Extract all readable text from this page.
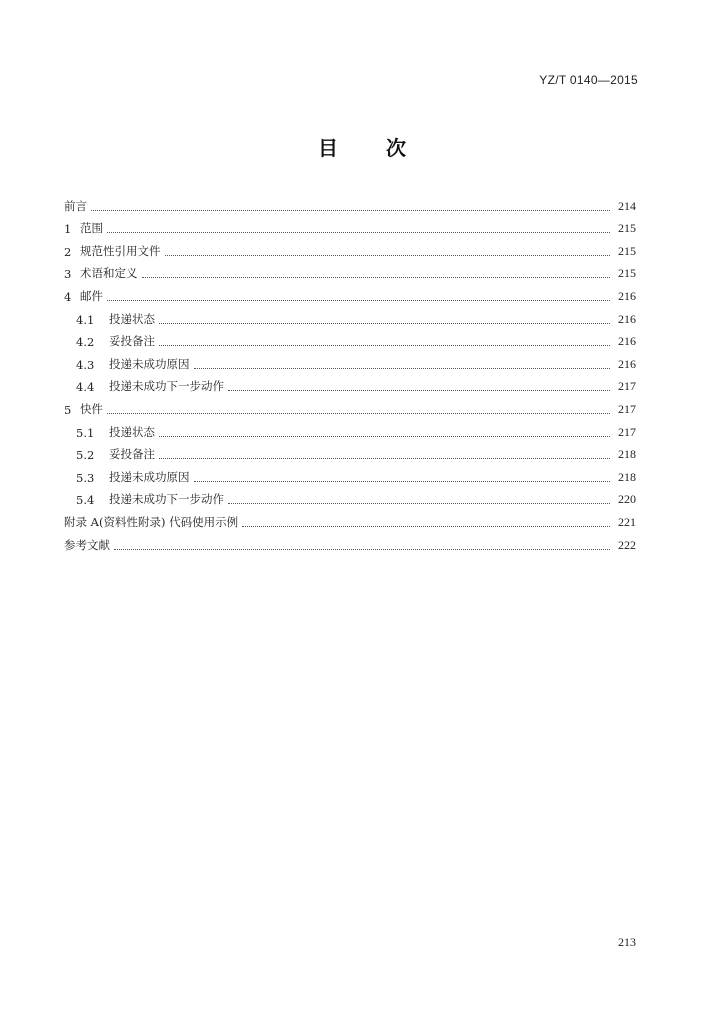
YZ/T 0140—2015
目 次
前言	214
1 范围	215
2 规范性引用文件	215
3 术语和定义	215
4 邮件	216
4.1	投递状态	216
4.2	妥投备注	216
4.3	投递未成功原因	216
4.4	投递未成功下一步动作	217
5 快件	217
5.1	投递状态	217
5.2	妥投备注	218
5.3	投递未成功原因	218
5.4	投递未成功下一步动作	220
附录 A(资料性附录) 代码使用示例	221
参考文献	222
213
